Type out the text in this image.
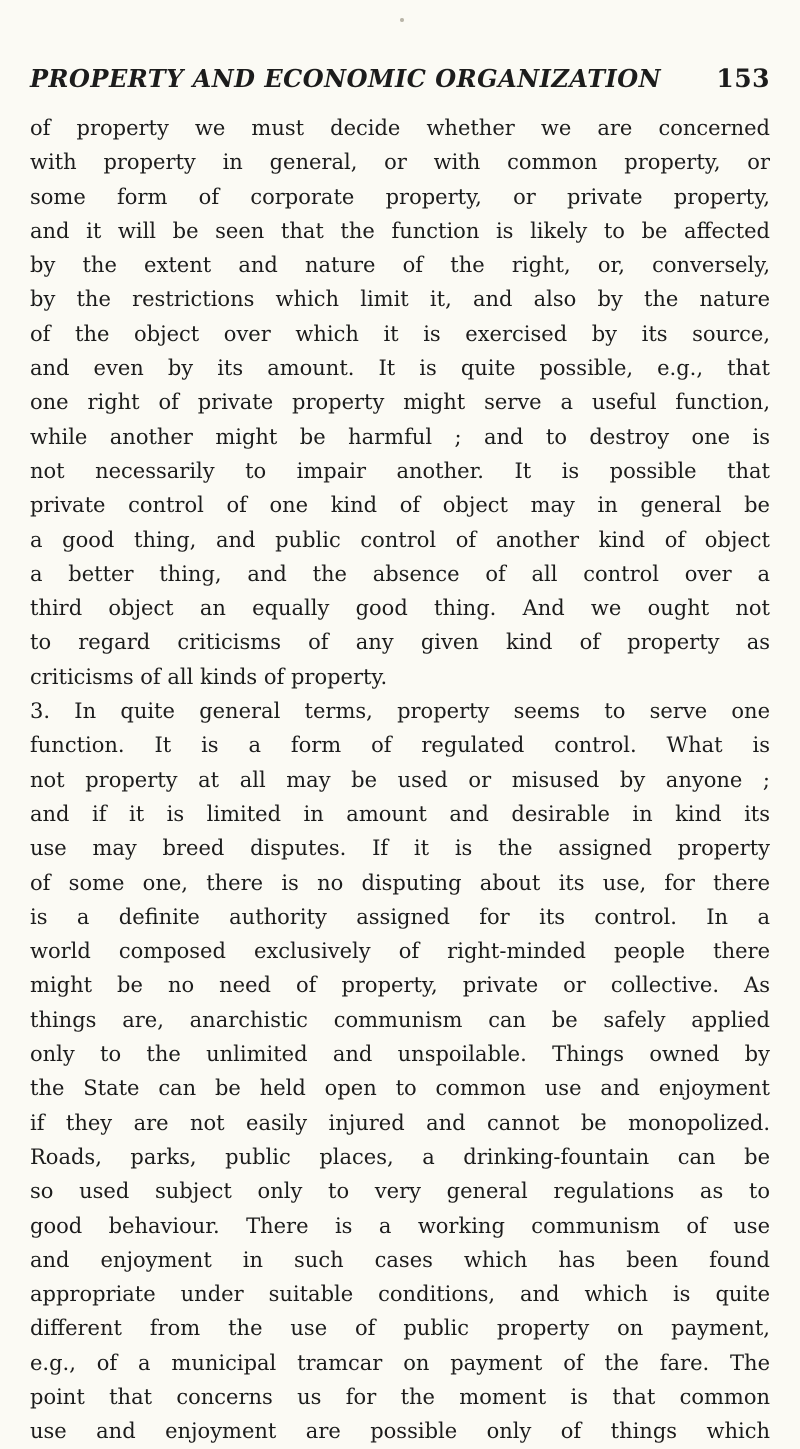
PROPERTY AND ECONOMIC ORGANIZATION 153
of property we must decide whether we are concerned
with property in general, or with common property, or
some form of corporate property, or private property,
and it will be seen that the function is likely to be affected
by the extent and nature of the right, or, conversely,
by the restrictions which limit it, and also by the nature
of the object over which it is exercised by its source,
and even by its amount. It is quite possible, e.g., that
one right of private property might serve a useful function,
while another might be harmful ; and to destroy one is
not necessarily to impair another. It is possible that
private control of one kind of object may in general be
a good thing, and public control of another kind of object
a better thing, and the absence of all control over a
third object an equally good thing. And we ought not
to regard criticisms of any given kind of property as
criticisms of all kinds of property.
3. In quite general terms, property seems to serve one
function. It is a form of regulated control. What is
not property at all may be used or misused by anyone ;
and if it is limited in amount and desirable in kind its
use may breed disputes. If it is the assigned property
of some one, there is no disputing about its use, for there
is a definite authority assigned for its control. In a
world composed exclusively of right-minded people there
might be no need of property, private or collective. As
things are, anarchistic communism can be safely applied
only to the unlimited and unspoilable. Things owned by
the State can be held open to common use and enjoyment
if they are not easily injured and cannot be monopolized.
Roads, parks, public places, a drinking-fountain can be
so used subject only to very general regulations as to
good behaviour. There is a working communism of use
and enjoyment in such cases which has been found
appropriate under suitable conditions, and which is quite
different from the use of public property on payment,
e.g., of a municipal tramcar on payment of the fare. The
point that concerns us for the moment is that common
use and enjoyment are possible only of things which
